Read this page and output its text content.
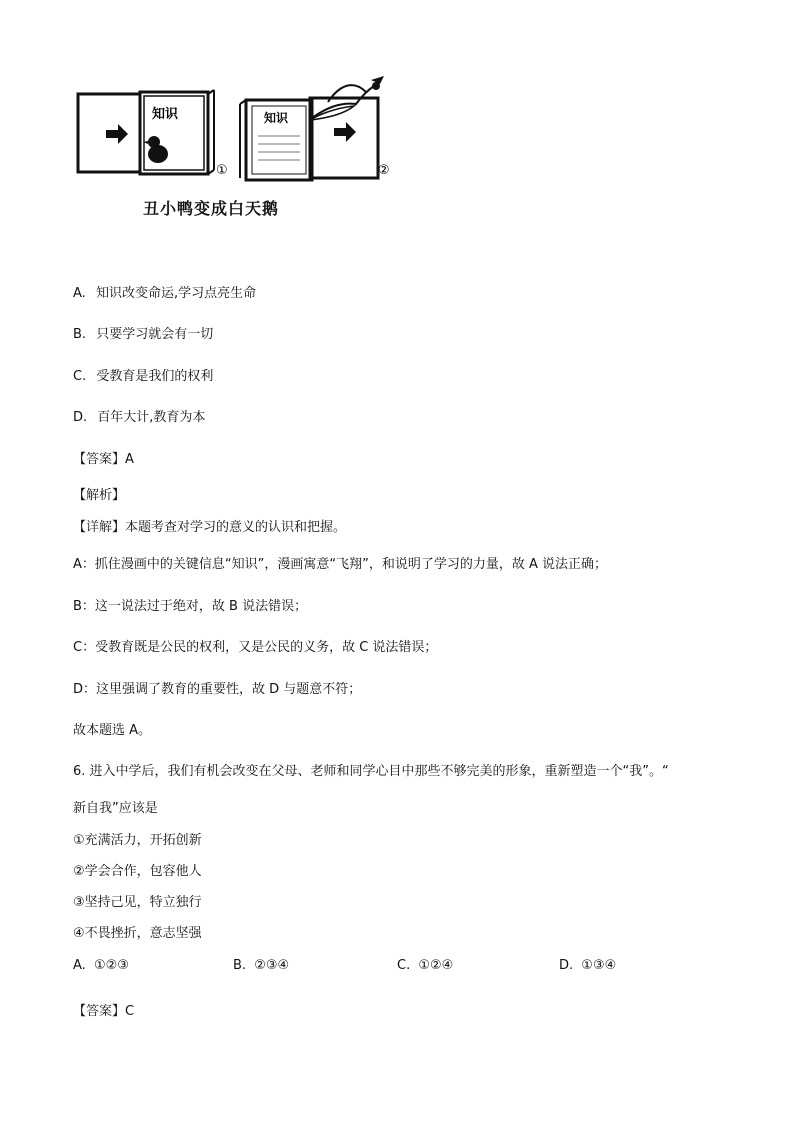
知识
①
知识
②
丑小鸭变成白天鹅
A. 知识改变命运,学习点亮生命
B. 只要学习就会有一切
C. 受教育是我们的权利
D. 百年大计,教育为本
【答案】A
【解析】
【详解】本题考查对学习的意义的认识和把握。
A：抓住漫画中的关键信息“知识”，漫画寓意“飞翔”，和说明了学习的力量，故 A 说法正确；
B：这一说法过于绝对，故 B 说法错误；
C：受教育既是公民的权利，又是公民的义务，故 C 说法错误；
D：这里强调了教育的重要性，故 D 与题意不符；
故本题选 A。
6. 进入中学后，我们有机会改变在父母、老师和同学心目中那些不够完美的形象，重新塑造一个“我”。“
新自我”应该是
①充满活力，开拓创新
②学会合作，包容他人
③坚持己见，特立独行
④不畏挫折，意志坚强
A. ①②③	B. ②③④	C. ①②④	D. ①③④
【答案】C
